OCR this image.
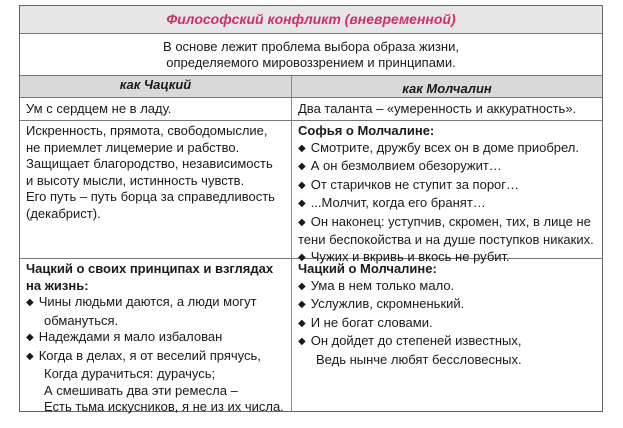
Философский конфликт (вневременной)
В основе лежит проблема выбора образа жизни,
определяемого мировоззрением и принципами.
как Чацкий	как Молчалин
Ум с сердцем не в ладу.	Два таланта – «умеренность и аккуратность».
Искренность, прямота, свободомыслие,
не приемлет лицемерие и рабство.
Защищает благородство, независимость
и высоту мысли, истинность чувств.
Его путь – путь борца за справедливость
(декабрист).
Софья о Молчалине:
◆ Смотрите, дружбу всех он в доме приобрел.
◆ А он безмолвием обезоружит…
◆ От старичков не ступит за порог…
◆ ...Молчит, когда его бранят…
◆ Он наконец: уступчив, скромен, тих, в лице не
тени беспокойства и на душе поступков никаких.
◆ Чужих и вкривь и вкось не рубит.
Чацкий о своих принципах и взглядах
на жизнь:
◆ Чины людьми даются, а люди могут
обмануться.
◆ Надеждами я мало избалован
◆ Когда в делах, я от веселий прячусь,
Когда дурачиться: дурачусь;
А смешивать два эти ремесла –
Есть тьма искусников, я не из их числа.
Чацкий о Молчалине:
◆ Ума в нем только мало.
◆ Услужлив, скромненький.
◆ И не богат словами.
◆ Он дойдет до степеней известных,
Ведь нынче любят бессловесных.
